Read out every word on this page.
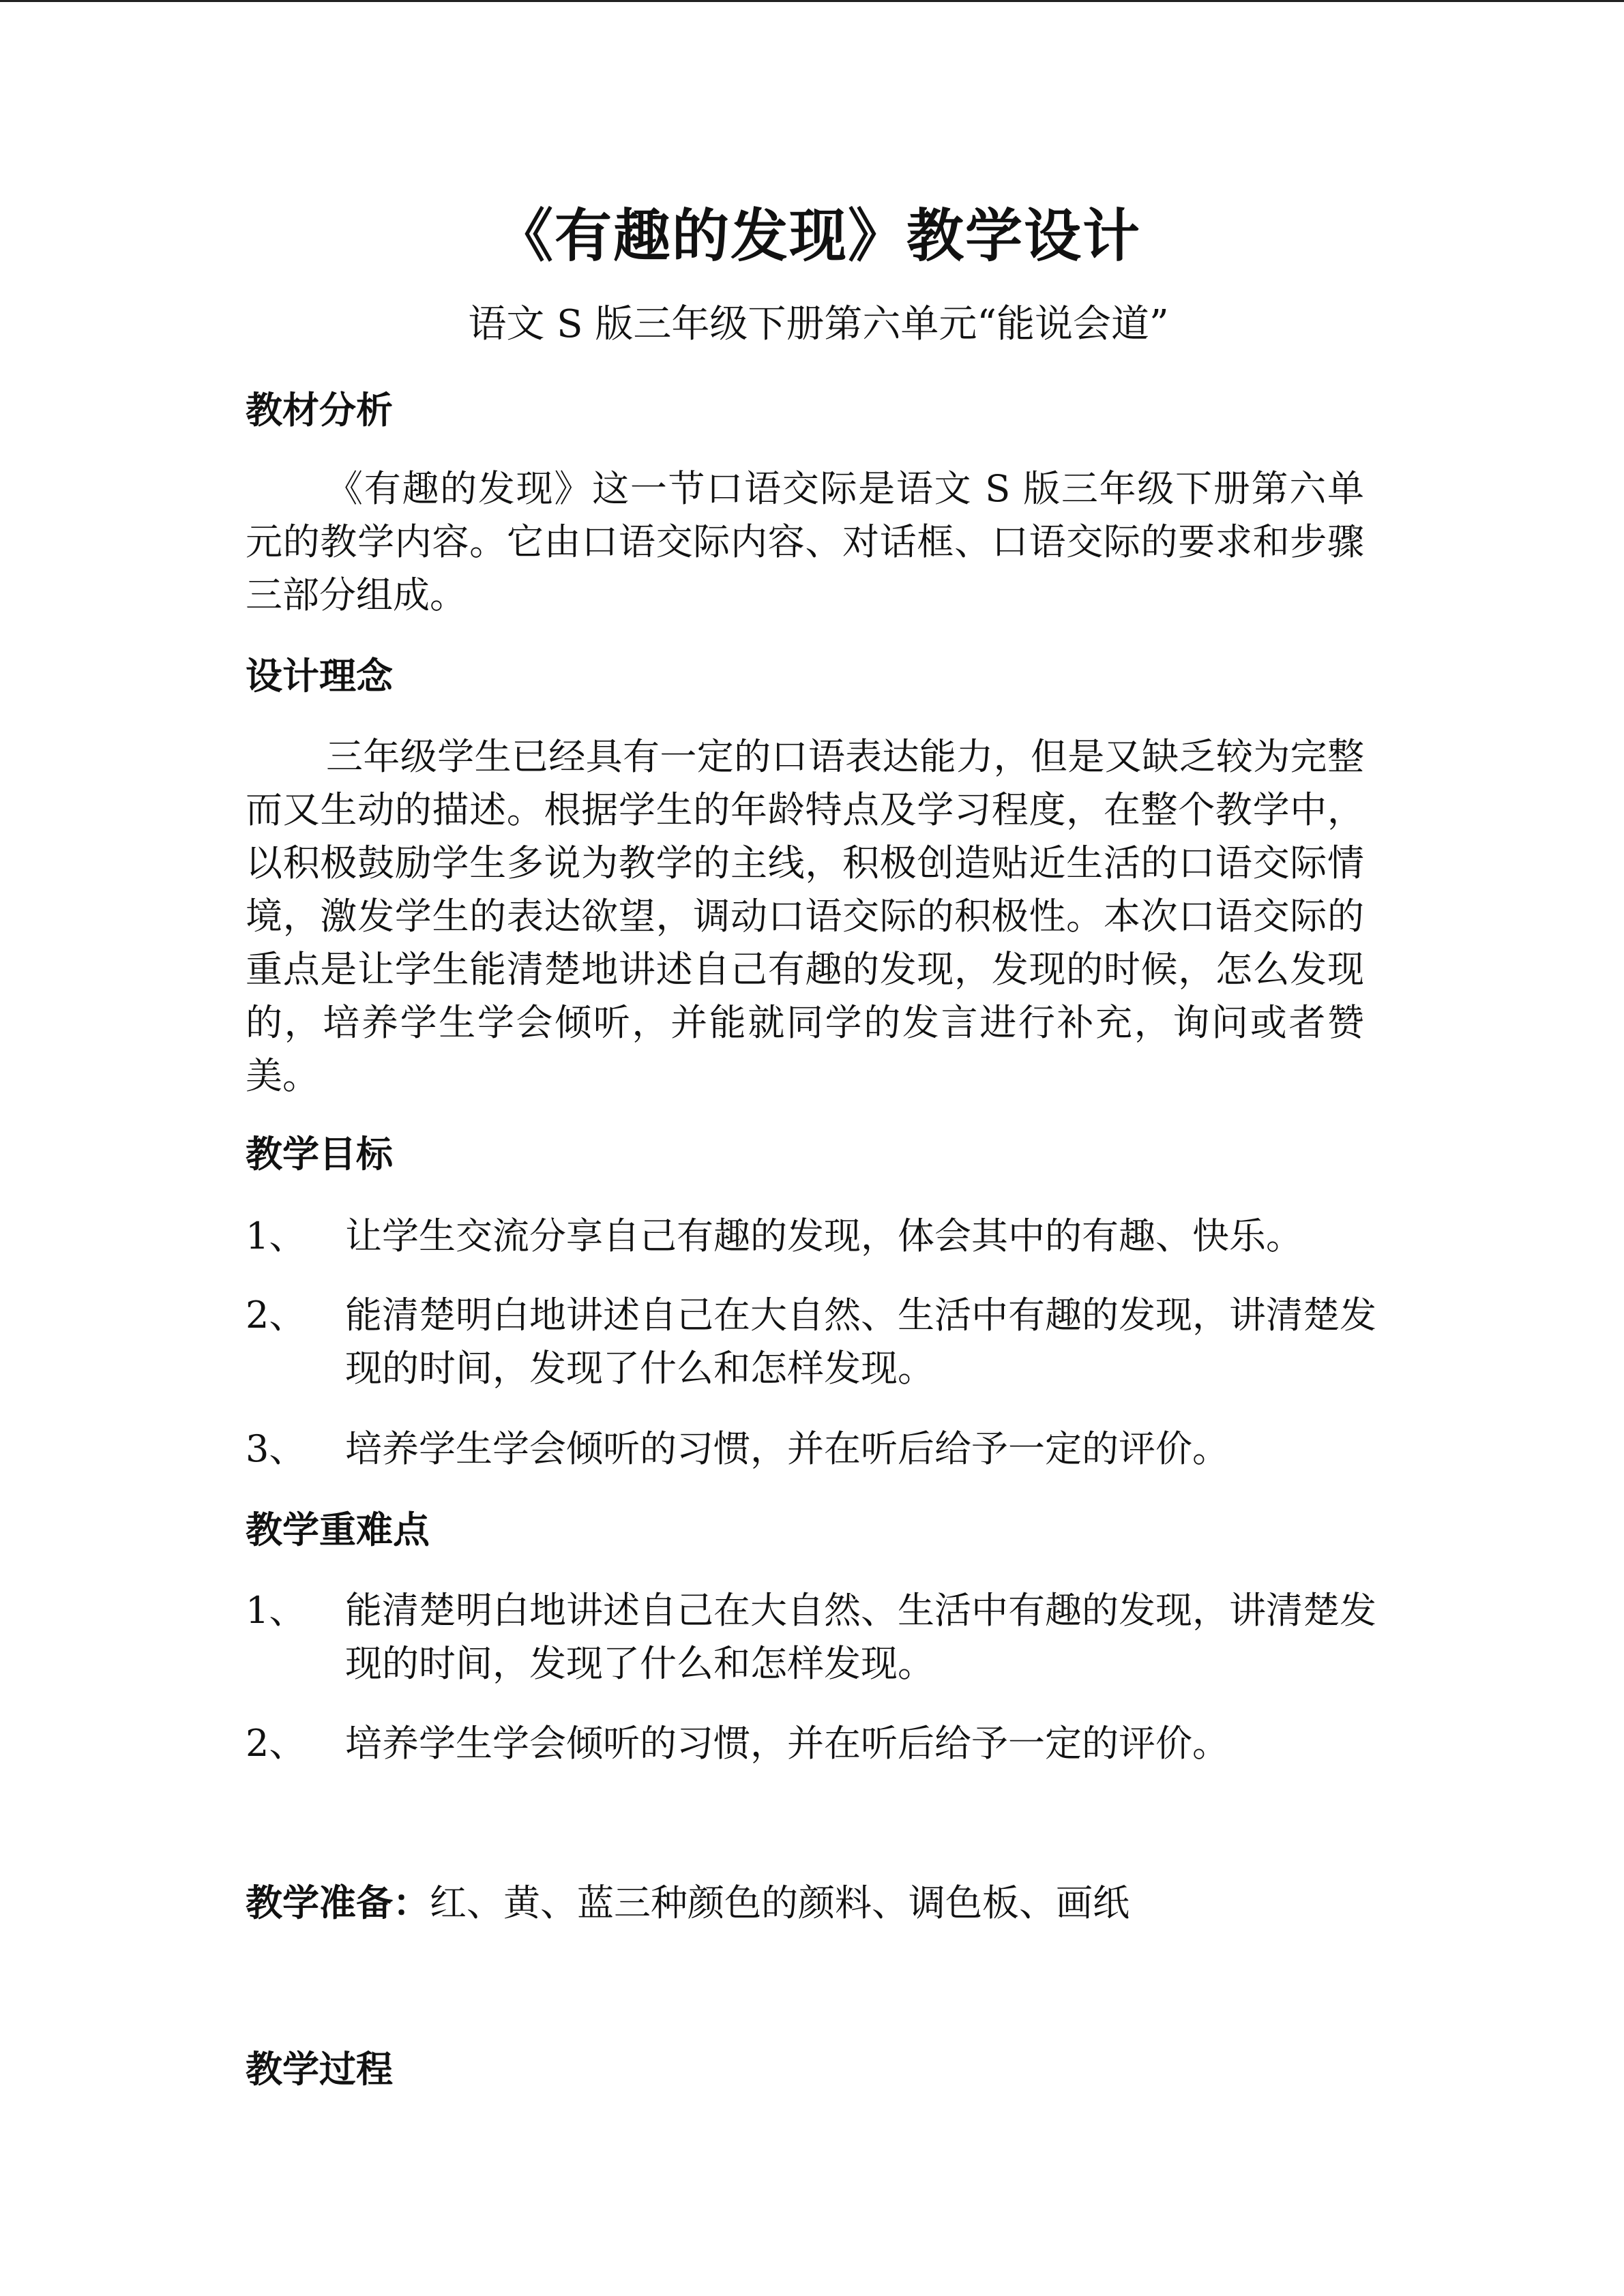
《有趣的发现》教学设计
语文 S 版三年级下册第六单元“能说会道”
教材分析
《有趣的发现》这一节口语交际是语文 S 版三年级下册第六单元的教学内容。它由口语交际内容、对话框、口语交际的要求和步骤三部分组成。
设计理念
三年级学生已经具有一定的口语表达能力，但是又缺乏较为完整而又生动的描述。根据学生的年龄特点及学习程度，在整个教学中，以积极鼓励学生多说为教学的主线，积极创造贴近生活的口语交际情境，激发学生的表达欲望，调动口语交际的积极性。本次口语交际的重点是让学生能清楚地讲述自己有趣的发现，发现的时候，怎么发现的，培养学生学会倾听，并能就同学的发言进行补充，询问或者赞美。
教学目标
1、	让学生交流分享自己有趣的发现，体会其中的有趣、快乐。
2、	能清楚明白地讲述自己在大自然、生活中有趣的发现，讲清楚发现的时间，发现了什么和怎样发现。
3、	培养学生学会倾听的习惯，并在听后给予一定的评价。
教学重难点
1、	能清楚明白地讲述自己在大自然、生活中有趣的发现，讲清楚发现的时间，发现了什么和怎样发现。
2、	培养学生学会倾听的习惯，并在听后给予一定的评价。
教学准备：红、黄、蓝三种颜色的颜料、调色板、画纸
教学过程
